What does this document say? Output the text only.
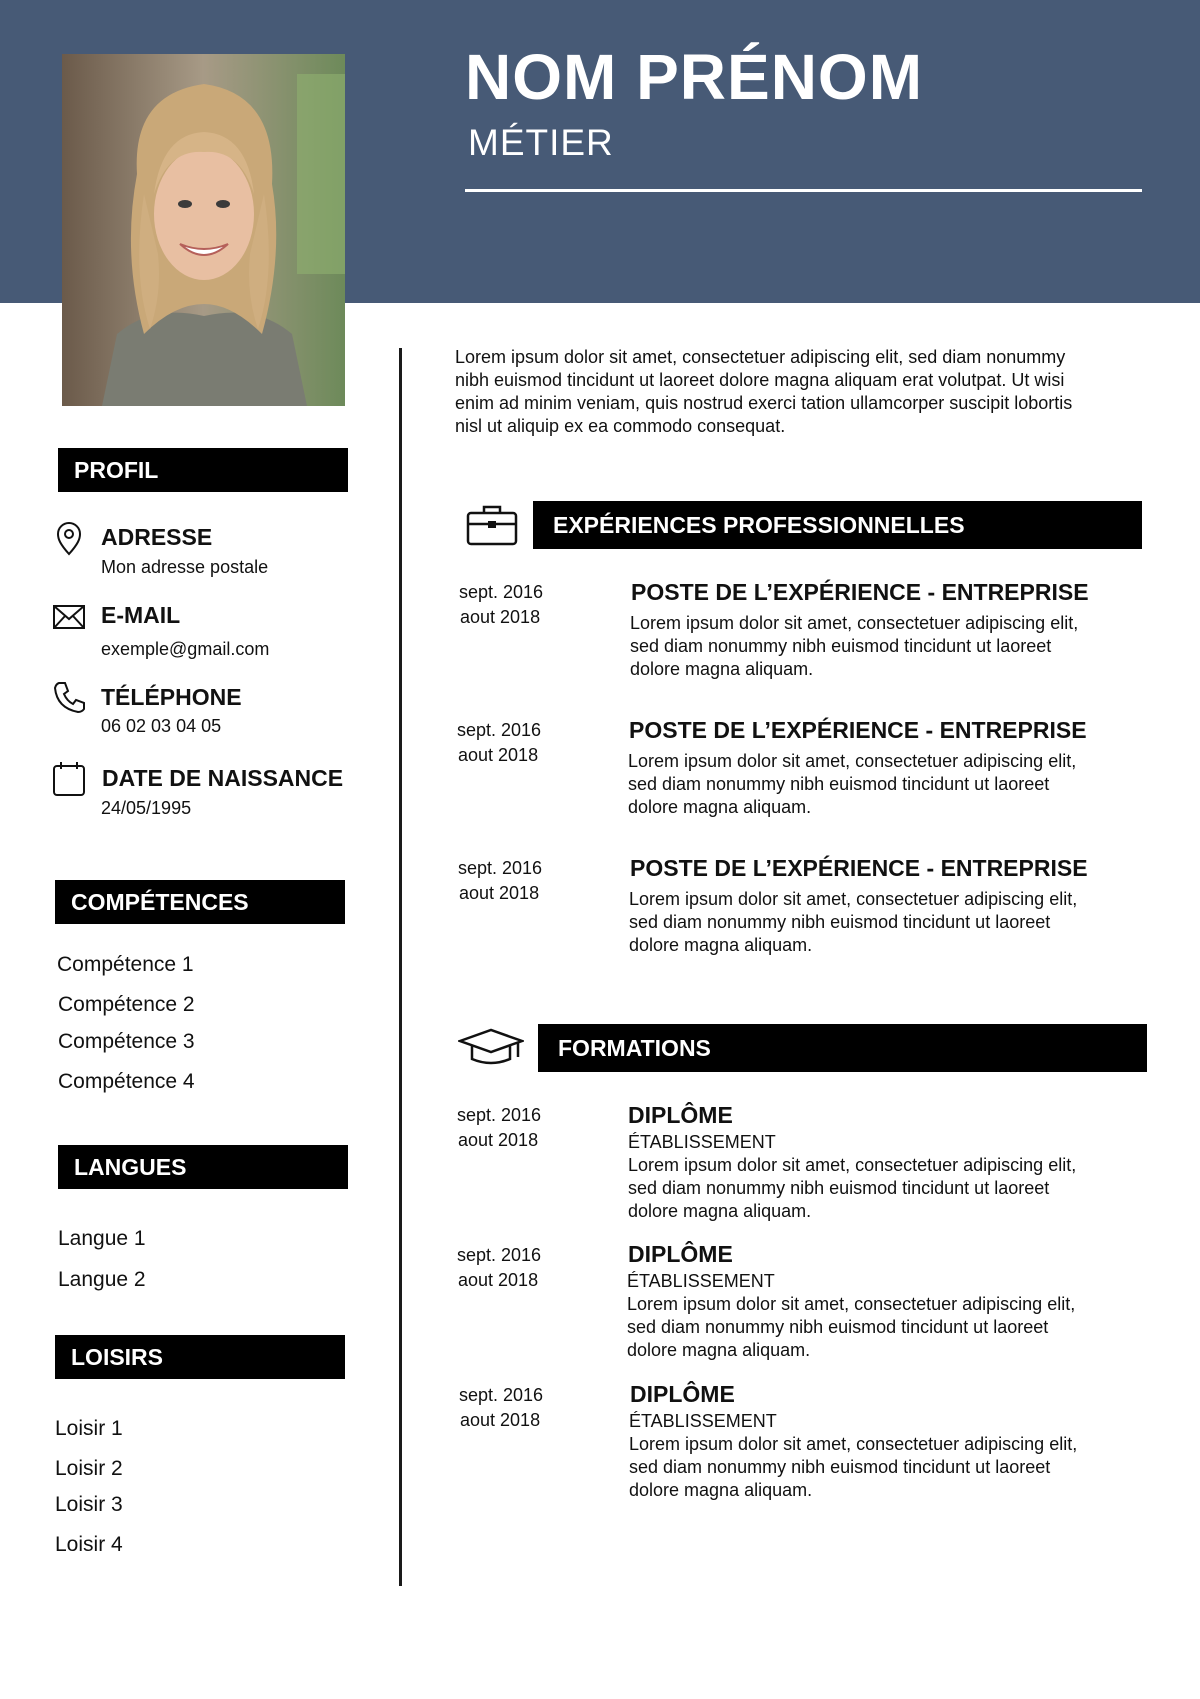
NOM PRÉNOM
MÉTIER
PROFIL
ADRESSE
Mon adresse postale
E-MAIL
exemple@gmail.com
TÉLÉPHONE
06 02 03 04 05
DATE DE NAISSANCE
24/05/1995
COMPÉTENCES
Compétence 1
Compétence 2
Compétence 3
Compétence 4
LANGUES
Langue 1
Langue 2
LOISIRS
Loisir 1
Loisir 2
Loisir 3
Loisir 4
Lorem ipsum dolor sit amet, consectetuer adipiscing elit, sed diam nonummy nibh euismod tincidunt ut laoreet dolore magna aliquam erat volutpat. Ut wisi enim ad minim veniam, quis nostrud exerci tation ullamcorper suscipit lobortis nisl ut aliquip ex ea commodo consequat.
EXPÉRIENCES PROFESSIONNELLES
sept. 2016
aout 2018
POSTE DE L’EXPÉRIENCE - ENTREPRISE
Lorem ipsum dolor sit amet, consectetuer adipiscing elit, sed diam nonummy nibh euismod tincidunt ut laoreet dolore magna aliquam.
sept. 2016
aout 2018
POSTE DE L’EXPÉRIENCE - ENTREPRISE
Lorem ipsum dolor sit amet, consectetuer adipiscing elit, sed diam nonummy nibh euismod tincidunt ut laoreet dolore magna aliquam.
sept. 2016
aout 2018
POSTE DE L’EXPÉRIENCE - ENTREPRISE
Lorem ipsum dolor sit amet, consectetuer adipiscing elit, sed diam nonummy nibh euismod tincidunt ut laoreet dolore magna aliquam.
FORMATIONS
sept. 2016
aout 2018
DIPLÔME
ÉTABLISSEMENT
Lorem ipsum dolor sit amet, consectetuer adipiscing elit, sed diam nonummy nibh euismod tincidunt ut laoreet dolore magna aliquam.
sept. 2016
aout 2018
DIPLÔME
ÉTABLISSEMENT
Lorem ipsum dolor sit amet, consectetuer adipiscing elit, sed diam nonummy nibh euismod tincidunt ut laoreet dolore magna aliquam.
sept. 2016
aout 2018
DIPLÔME
ÉTABLISSEMENT
Lorem ipsum dolor sit amet, consectetuer adipiscing elit, sed diam nonummy nibh euismod tincidunt ut laoreet dolore magna aliquam.
